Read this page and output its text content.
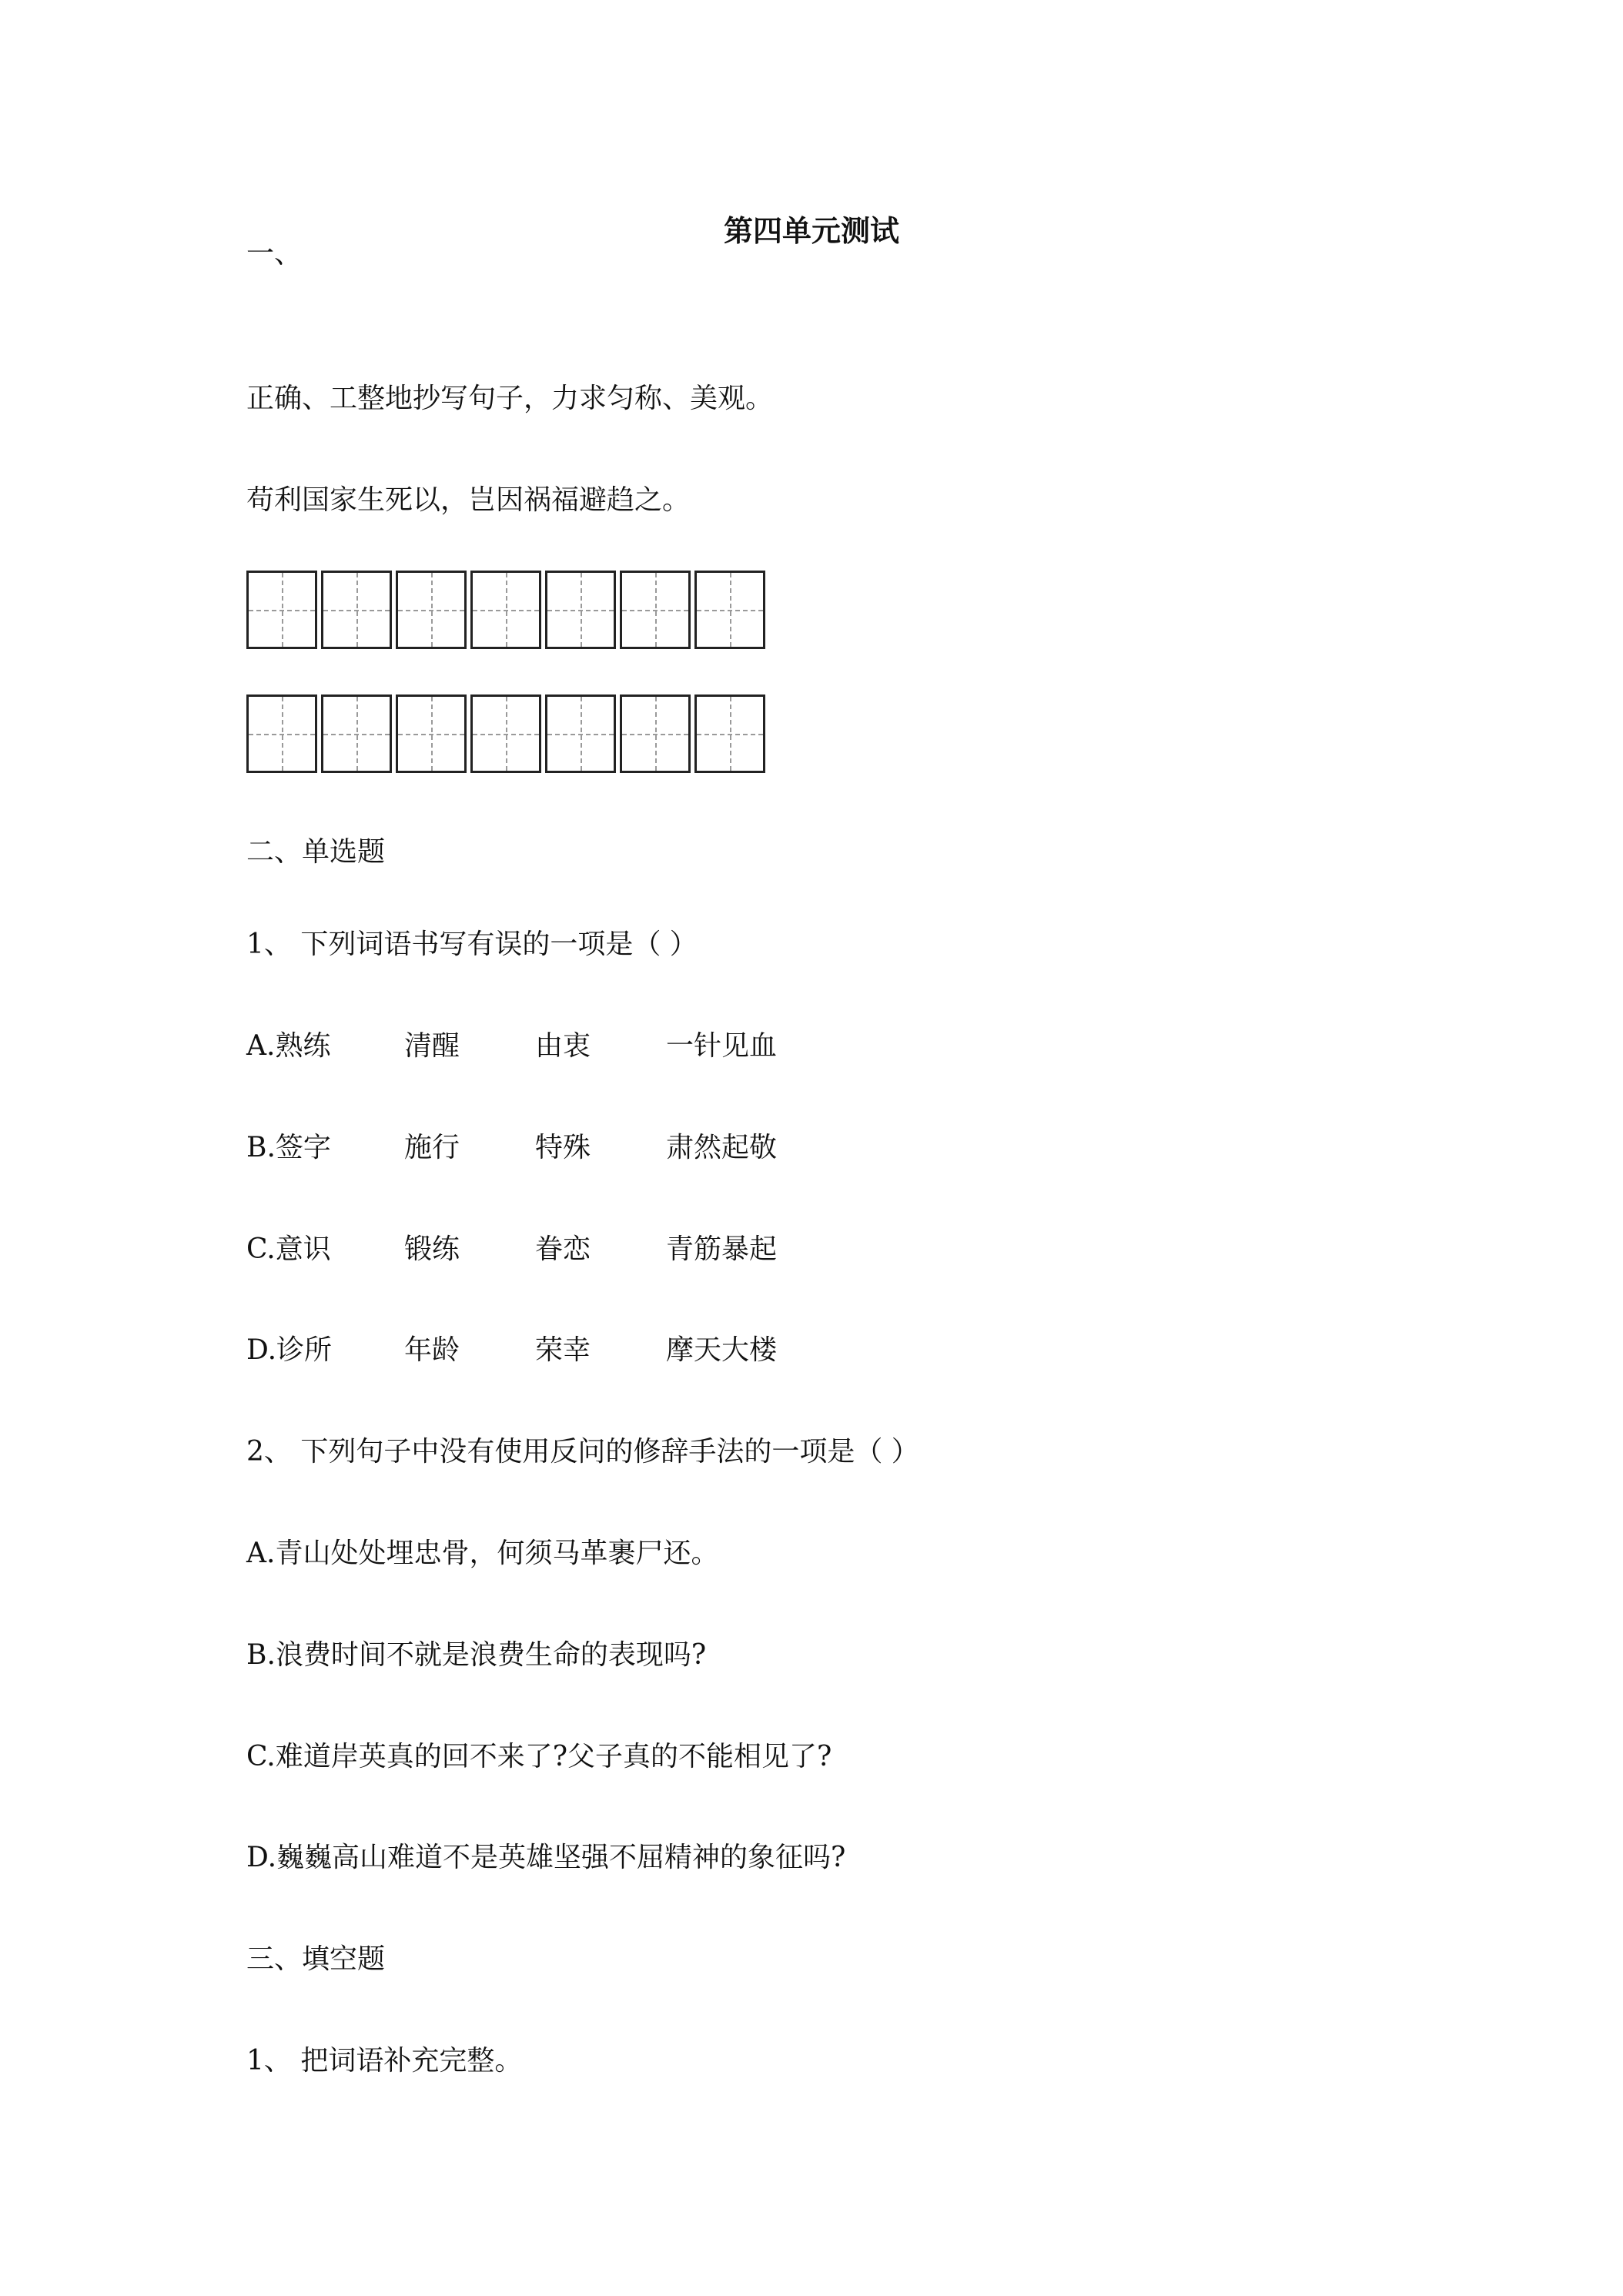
第四单元测试
一、
正确、工整地抄写句子，力求匀称、美观。
苟利国家生死以，岂因祸福避趋之。
二、单选题
1、 下列词语书写有误的一项是（ ）
A.熟练	清醒	由衷	一针见血
B.签字	施行	特殊	肃然起敬
C.意识	锻练	眷恋	青筋暴起
D.诊所	年龄	荣幸	摩天大楼
2、 下列句子中没有使用反问的修辞手法的一项是（ ）
A.青山处处埋忠骨，何须马革裹尸还。
B.浪费时间不就是浪费生命的表现吗?
C.难道岸英真的回不来了?父子真的不能相见了?
D.巍巍高山难道不是英雄坚强不屈精神的象征吗?
三、填空题
1、 把词语补充完整。
